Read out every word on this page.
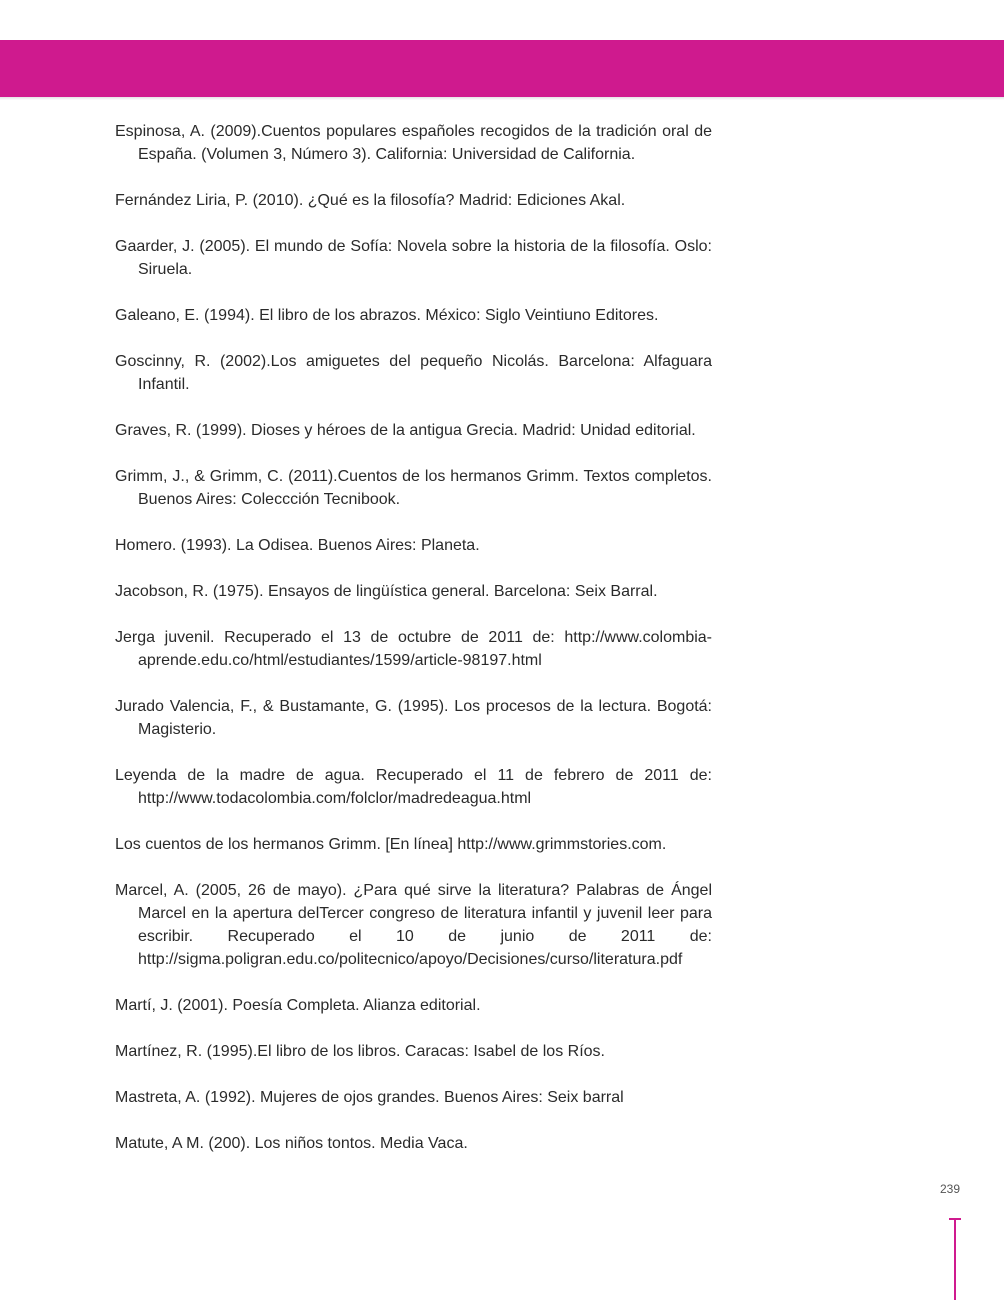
Espinosa, A. (2009).Cuentos populares españoles recogidos de la tradición oral de España. (Volumen 3, Número 3). California: Universidad de California.
Fernández Liria, P. (2010). ¿Qué es la filosofía? Madrid: Ediciones Akal.
Gaarder, J. (2005). El mundo de Sofía: Novela sobre la historia de la filosofía. Oslo: Siruela.
Galeano, E. (1994). El libro de los abrazos. México: Siglo Veintiuno Editores.
Goscinny, R. (2002).Los amiguetes del pequeño Nicolás. Barcelona: Alfaguara Infantil.
Graves, R. (1999). Dioses y héroes de la antigua Grecia. Madrid: Unidad editorial.
Grimm, J., & Grimm, C. (2011).Cuentos de los hermanos Grimm. Textos completos. Buenos Aires: Coleccción Tecnibook.
Homero. (1993). La Odisea. Buenos Aires: Planeta.
Jacobson, R. (1975). Ensayos de lingüística general. Barcelona: Seix Barral.
Jerga juvenil. Recuperado el 13 de octubre de 2011 de: http://www.colombiaaprende.edu.co/html/estudiantes/1599/article-98197.html
Jurado Valencia, F., & Bustamante, G. (1995). Los procesos de la lectura. Bogotá: Magisterio.
Leyenda de la madre de agua. Recuperado el 11 de febrero de 2011 de: http://www.todacolombia.com/folclor/madredeagua.html
Los cuentos de los hermanos Grimm. [En línea] http://www.grimmstories.com.
Marcel, A. (2005, 26 de mayo). ¿Para qué sirve la literatura? Palabras de Ángel Marcel en la apertura delTercer congreso de literatura infantil y juvenil leer para escribir. Recuperado el 10 de junio de 2011 de: http://sigma.poligran.edu.co/politecnico/apoyo/Decisiones/curso/literatura.pdf
Martí, J. (2001). Poesía Completa. Alianza editorial.
Martínez, R. (1995).El libro de los libros. Caracas: Isabel de los Ríos.
Mastreta, A. (1992). Mujeres de ojos grandes. Buenos Aires: Seix barral
Matute, A M. (200). Los niños tontos. Media Vaca.
239
